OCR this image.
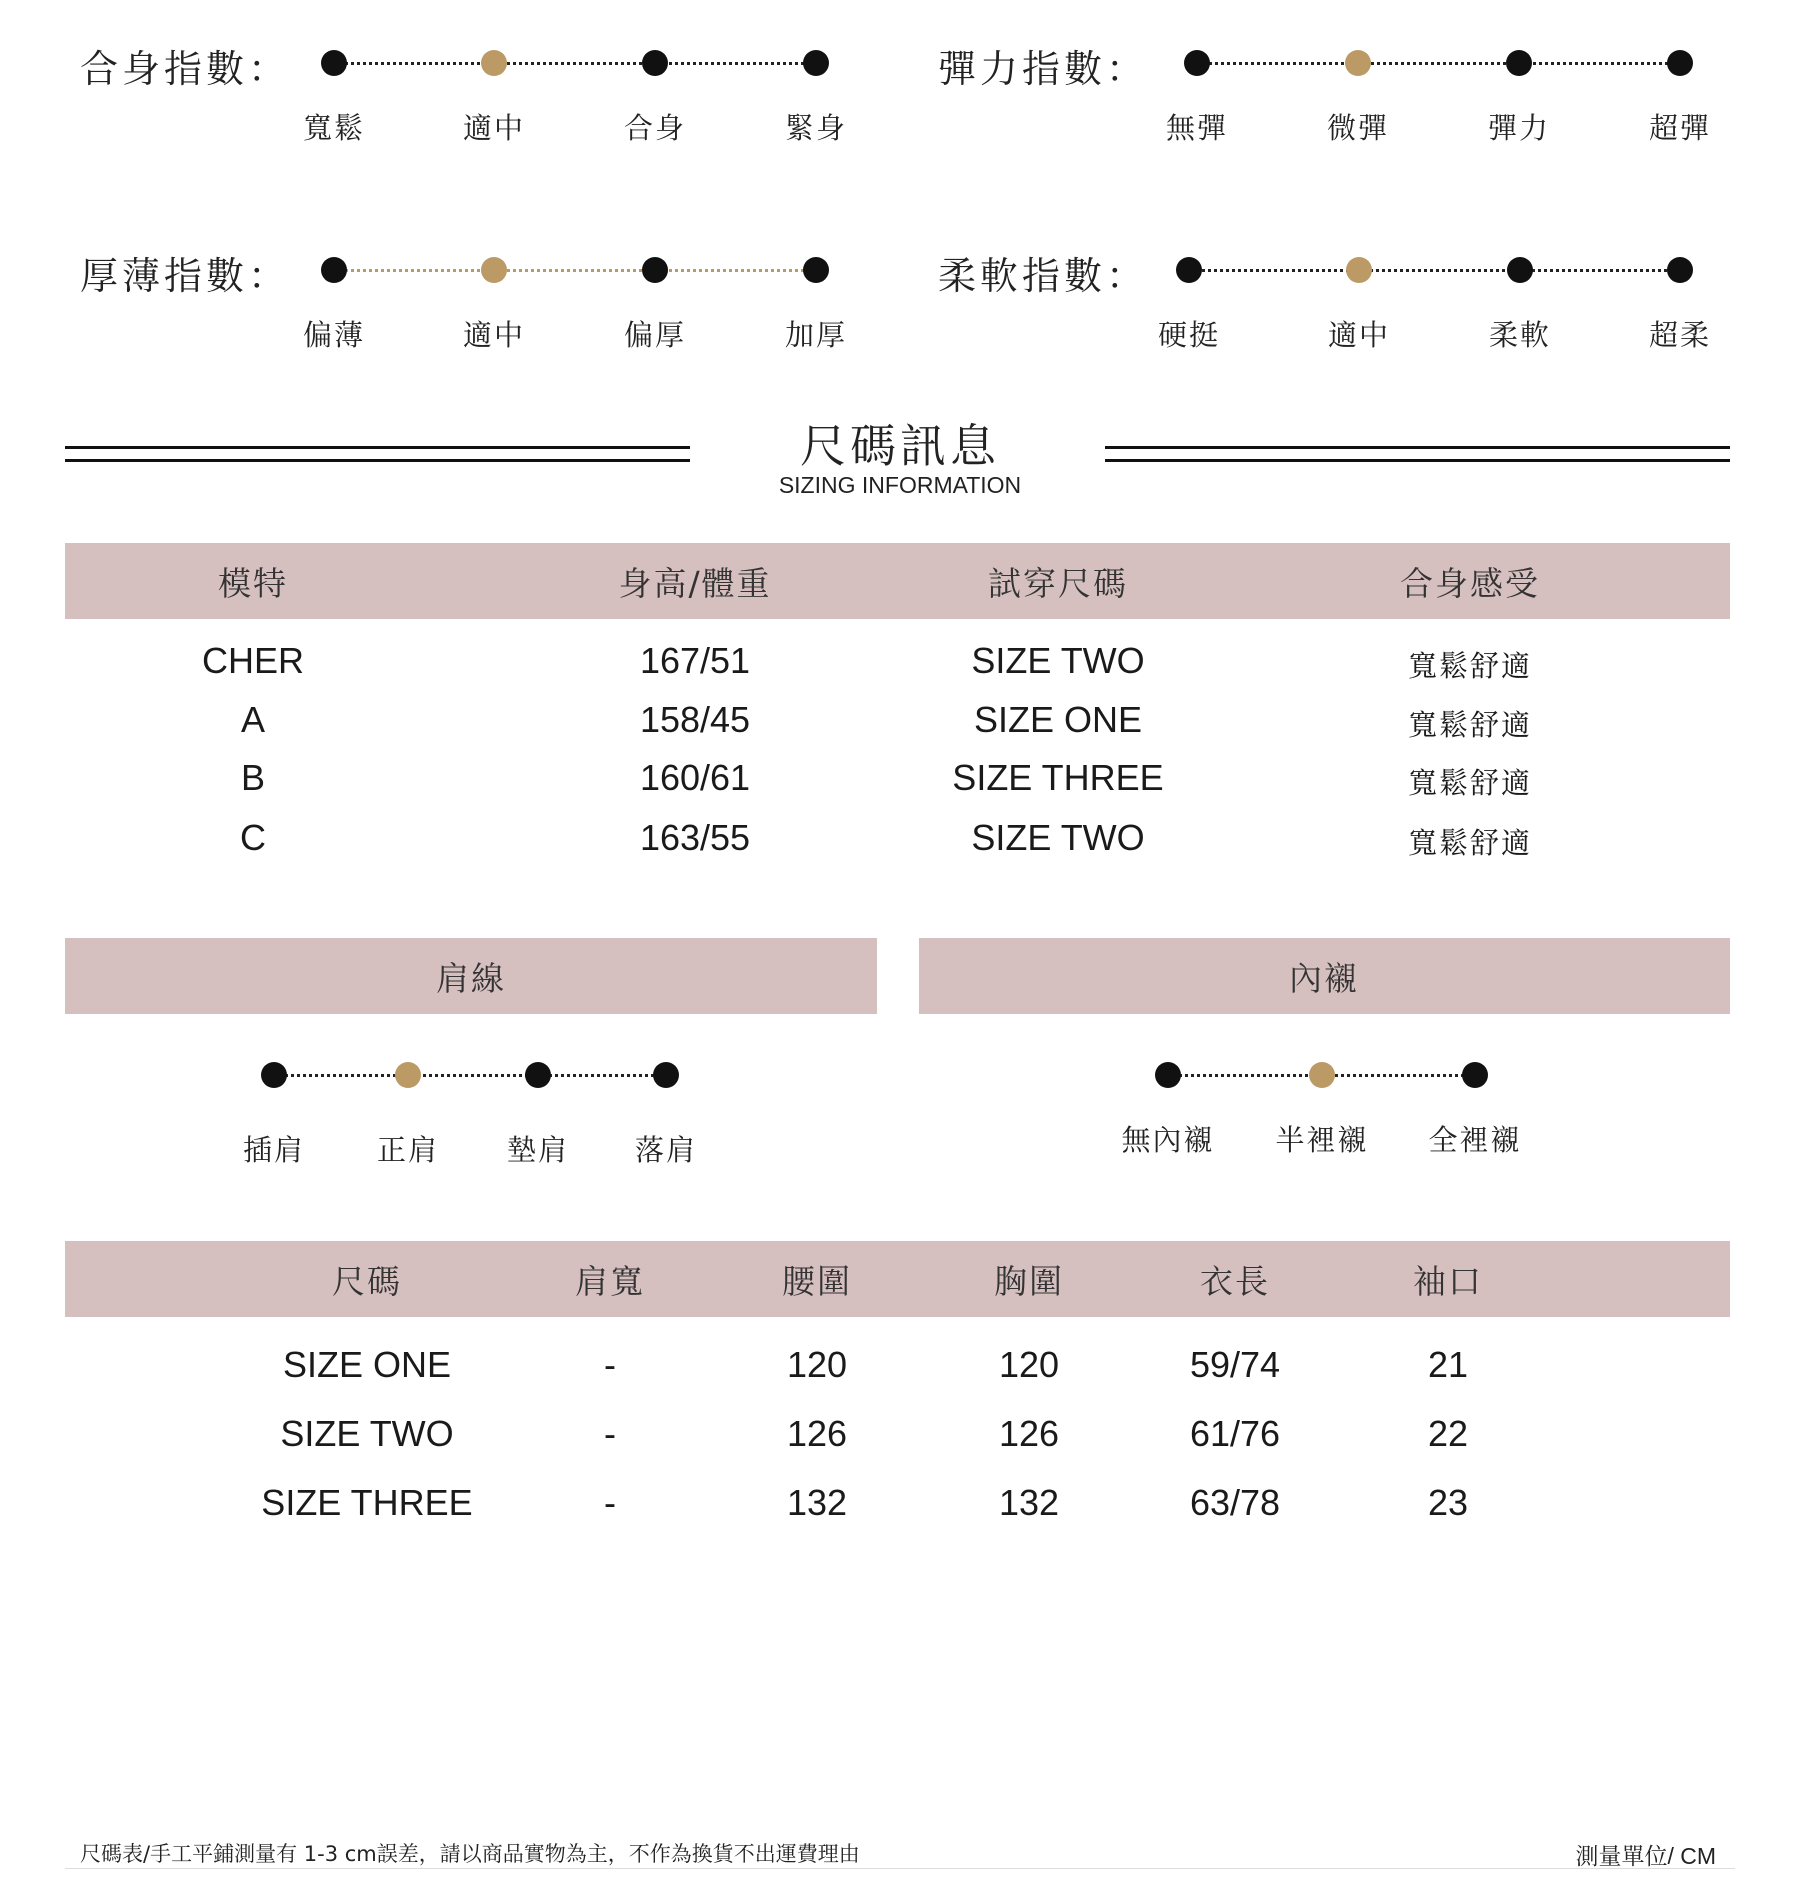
合身指數：
寬鬆	適中	合身	緊身
彈力指數：
無彈	微彈	彈力	超彈
厚薄指數：
偏薄	適中	偏厚	加厚
柔軟指數：
硬挺	適中	柔軟	超柔
尺碼訊息
SIZING INFORMATION
模特	身高/體重	試穿尺碼	合身感受
CHER	167/51	SIZE TWO	寬鬆舒適
A	158/45	SIZE ONE	寬鬆舒適
B	160/61	SIZE THREE	寬鬆舒適
C	163/55	SIZE TWO	寬鬆舒適
肩線	內襯
插肩 正肩 墊肩 落肩	無內襯 半裡襯 全裡襯
尺碼	肩寬	腰圍	胸圍	衣長	袖口
SIZE ONE	-	120	120	59/74	21
SIZE TWO	-	126	126	61/76	22
SIZE THREE	-	132	132	63/78	23
尺碼表/手工平鋪測量有 1-3 cm誤差，請以商品實物為主，不作為換貨不出運費理由	測量單位/ CM
